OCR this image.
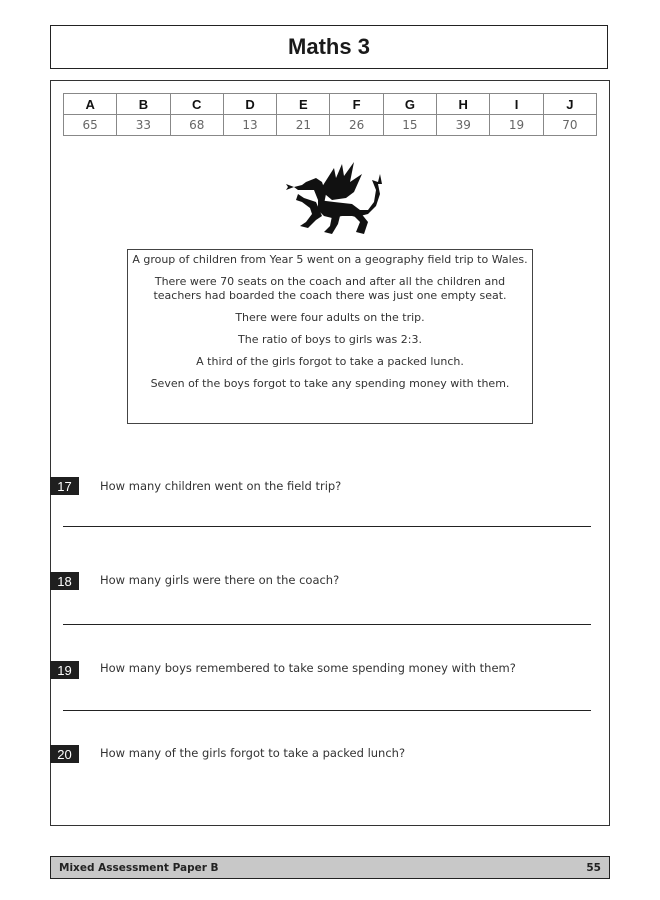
Maths 3
A	B	C	D	E	F	G	H	I	J
65	33	68	13	21	26	15	39	19	70

A group of children from Year 5 went on a geography field trip to Wales.

There were 70 seats on the coach and after all the children and teachers had boarded the coach there was just one empty seat.

There were four adults on the trip.

The ratio of boys to girls was 2:3.

A third of the girls forgot to take a packed lunch.

Seven of the boys forgot to take any spending money with them.

17	How many children went on the field trip?
18	How many girls were there on the coach?
19	How many boys remembered to take some spending money with them?
20	How many of the girls forgot to take a packed lunch?
Mixed Assessment Paper B	55
